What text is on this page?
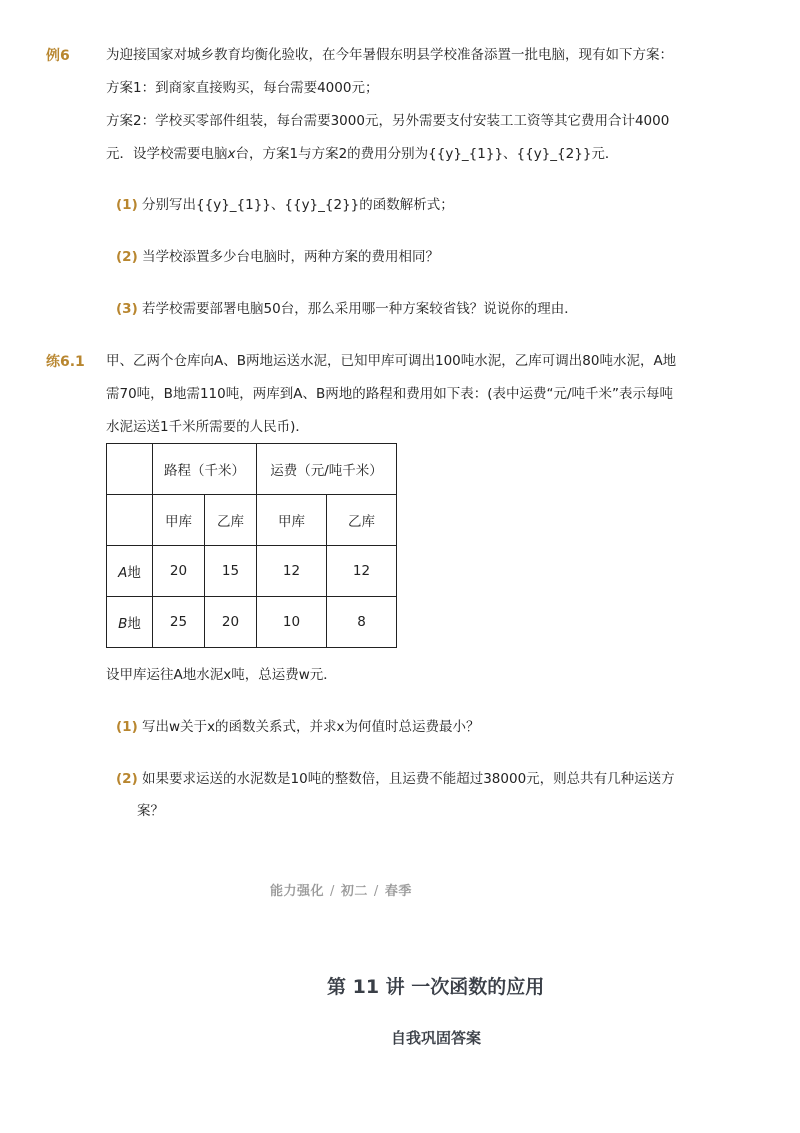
例6	为迎接国家对城乡教育均衡化验收，在今年暑假东明县学校准备添置一批电脑，现有如下方案：
方案1：到商家直接购买，每台需要4000元；
方案2：学校买零部件组装，每台需要3000元，另外需要支付安装工工资等其它费用合计4000
元．设学校需要电脑x台，方案1与方案2的费用分别为{{y}_{1}}、{{y}_{2}}元．
(1) 分别写出{{y}_{1}}、{{y}_{2}}的函数解析式；
(2) 当学校添置多少台电脑时，两种方案的费用相同？
(3) 若学校需要部署电脑50台，那么采用哪一种方案较省钱？说说你的理由．
练6.1 甲、乙两个仓库向A、B两地运送水泥，已知甲库可调出100吨水泥，乙库可调出80吨水泥，A地
需70吨，B地需110吨，两库到A、B两地的路程和费用如下表：(表中运费“元/吨千米”表示每吨
水泥运送1千米所需要的人民币)．
	路程（千米）		运费（元/吨千米）	
	甲库	乙库	甲库	乙库
A地	20	15	12	12
B地	25	20	10	8
设甲库运往A地水泥x吨，总运费w元．
(1) 写出w关于x的函数关系式，并求x为何值时总运费最小？
(2) 如果要求运送的水泥数是10吨的整数倍，且运费不能超过38000元，则总共有几种运送方
案？
能力强化 / 初二 / 春季
第 11 讲 一次函数的应用
自我巩固答案
